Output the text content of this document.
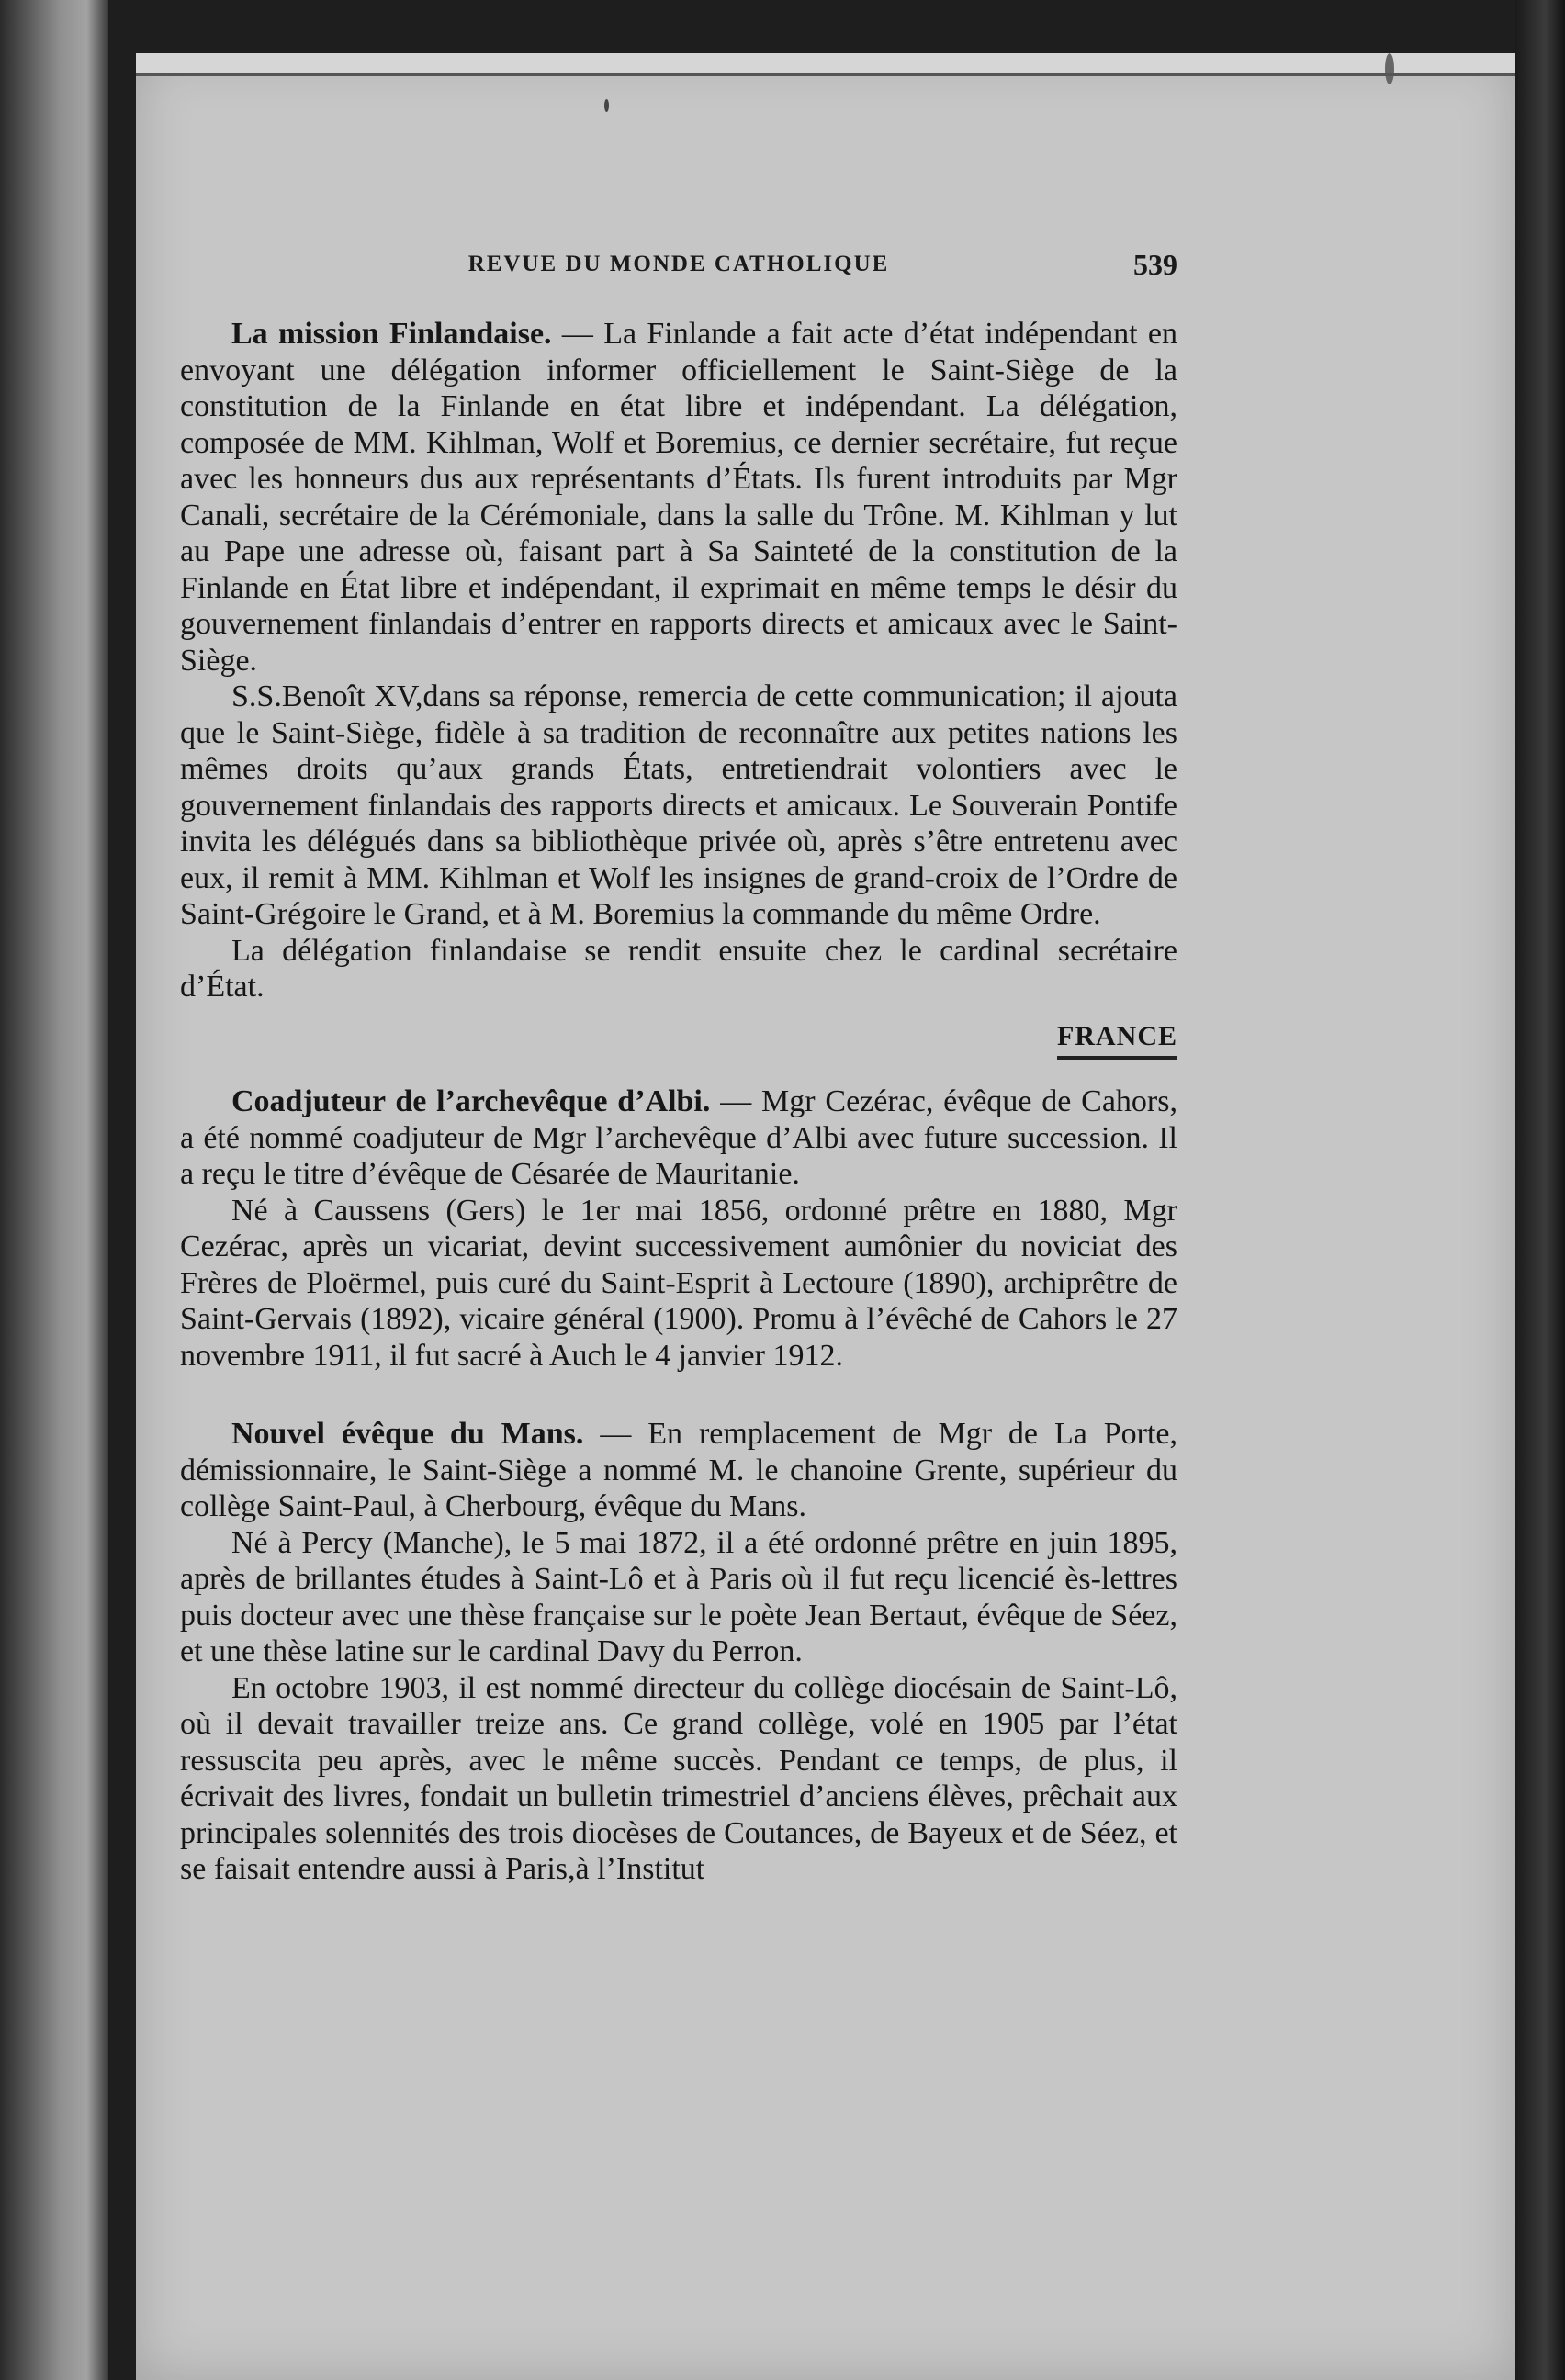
REVUE DU MONDE CATHOLIQUE	539

La mission Finlandaise. — La Finlande a fait acte d’état indépendant en envoyant une délégation informer officiellement le Saint-Siège de la constitution de la Finlande en état libre et indépendant. La délégation, composée de MM. Kihlman, Wolf et Boremius, ce dernier secrétaire, fut reçue avec les honneurs dus aux représentants d’États. Ils furent introduits par Mgr Canali, secrétaire de la Cérémoniale, dans la salle du Trône. M. Kihlman y lut au Pape une adresse où, faisant part à Sa Sainteté de la constitution de la Finlande en État libre et indépendant, il exprimait en même temps le désir du gouvernement finlandais d’entrer en rapports directs et amicaux avec le Saint-Siège.

S.S.Benoît XV,dans sa réponse, remercia de cette communication; il ajouta que le Saint-Siège, fidèle à sa tradition de reconnaître aux petites nations les mêmes droits qu’aux grands États, entretiendrait volontiers avec le gouvernement finlandais des rapports directs et amicaux. Le Souverain Pontife invita les délégués dans sa bibliothèque privée où, après s’être entretenu avec eux, il remit à MM. Kihlman et Wolf les insignes de grand-croix de l’Ordre de Saint-Grégoire le Grand, et à M. Boremius la commande du même Ordre.

La délégation finlandaise se rendit ensuite chez le cardinal secrétaire d’État.

FRANCE

Coadjuteur de l’archevêque d’Albi. — Mgr Cezérac, évêque de Cahors, a été nommé coadjuteur de Mgr l’archevêque d’Albi avec future succession. Il a reçu le titre d’évêque de Césarée de Mauritanie.

Né à Caussens (Gers) le 1er mai 1856, ordonné prêtre en 1880, Mgr Cezérac, après un vicariat, devint successivement aumônier du noviciat des Frères de Ploërmel, puis curé du Saint-Esprit à Lectoure (1890), archiprêtre de Saint-Gervais (1892), vicaire général (1900). Promu à l’évêché de Cahors le 27 novembre 1911, il fut sacré à Auch le 4 janvier 1912.

Nouvel évêque du Mans. — En remplacement de Mgr de La Porte, démissionnaire, le Saint-Siège a nommé M. le chanoine Grente, supérieur du collège Saint-Paul, à Cherbourg, évêque du Mans.

Né à Percy (Manche), le 5 mai 1872, il a été ordonné prêtre en juin 1895, après de brillantes études à Saint-Lô et à Paris où il fut reçu licencié ès-lettres puis docteur avec une thèse française sur le poète Jean Bertaut, évêque de Séez, et une thèse latine sur le cardinal Davy du Perron.

En octobre 1903, il est nommé directeur du collège diocésain de Saint-Lô, où il devait travailler treize ans. Ce grand collège, volé en 1905 par l’état ressuscita peu après, avec le même succès. Pendant ce temps, de plus, il écrivait des livres, fondait un bulletin trimestriel d’anciens élèves, prêchait aux principales solennités des trois diocèses de Coutances, de Bayeux et de Séez, et se faisait entendre aussi à Paris,à l’Institut
